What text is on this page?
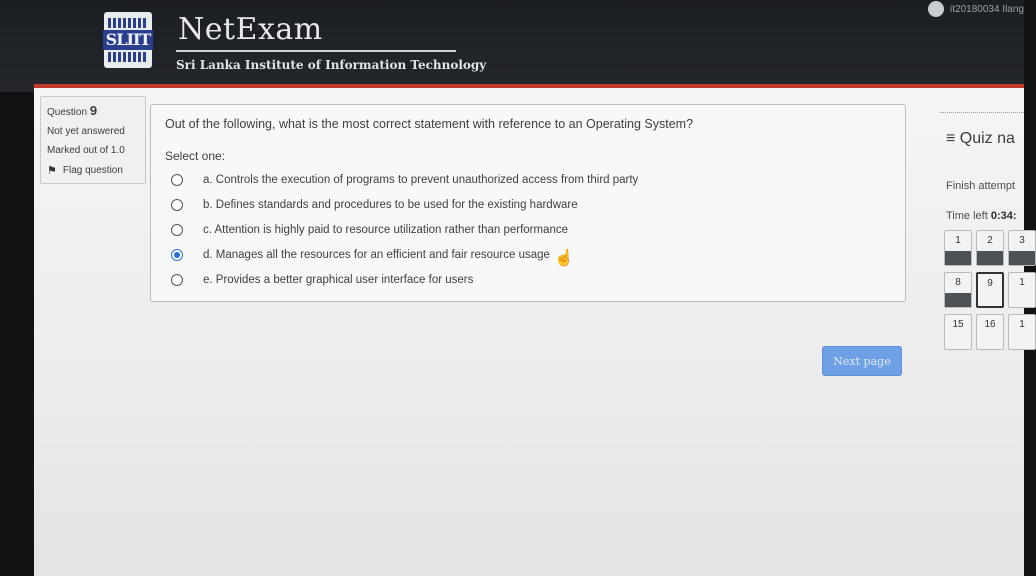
it20180034 Ilang
SLIIT NetExam
Sri Lanka Institute of Information Technology
Question 9
Not yet answered
Marked out of 1.0
⚑ Flag question
Out of the following, what is the most correct statement with reference to an Operating System?
Select one:
a. Controls the execution of programs to prevent unauthorized access from third party
b. Defines standards and procedures to be used for the existing hardware
c. Attention is highly paid to resource utilization rather than performance
d. Manages all the resources for an efficient and fair resource usage
e. Provides a better graphical user interface for users
☝
Next page
≡ Quiz na
Finish attempt
Time left 0:34:
1	2	3
8	9	1
15	16	1
